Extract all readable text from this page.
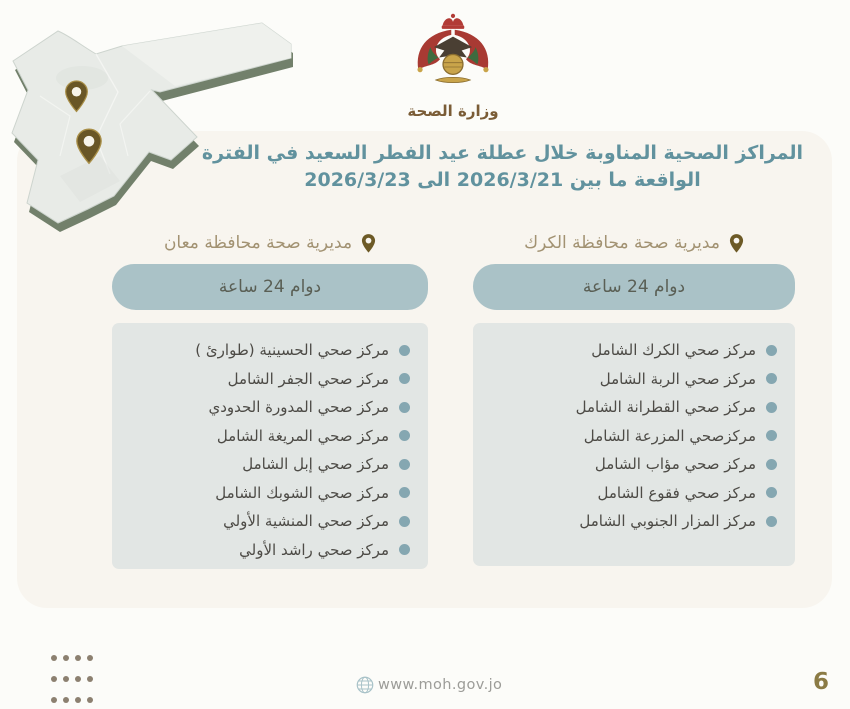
وزارة الصحة
المراكز الصحية المناوبة خلال عطلة عيد الفطر السعيد في الفترة
الواقعة ما بين 2026/3/21 الى 2026/3/23
مديرية صحة محافظة الكرك
دوام 24 ساعة
مركز صحي الكرك الشامل
مركز صحي الربة الشامل
مركز صحي القطرانة الشامل
مركزصحي المزرعة الشامل
مركز صحي مؤاب الشامل
مركز صحي فقوع الشامل
مركز المزار الجنوبي الشامل
مديرية صحة محافظة معان
دوام 24 ساعة
مركز صحي الحسينية (طوارئ )
مركز صحي الجفر الشامل
مركز صحي المدورة الحدودي
مركز صحي المريغة الشامل
مركز صحي إبل الشامل
مركز صحي الشوبك الشامل
مركز صحي المنشية الأولي
مركز صحي راشد الأولي
www.moh.gov.jo	6
